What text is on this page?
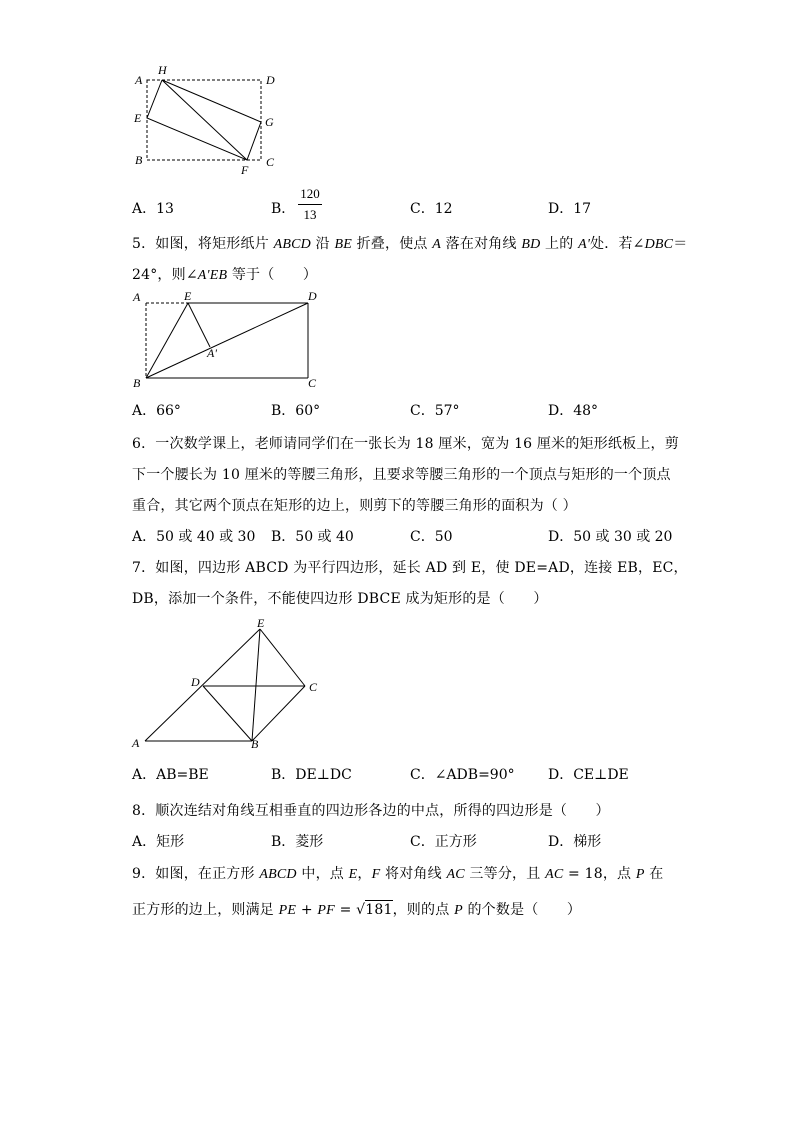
A
H
D
E	G
B	C
F
A．13	B．
120
13	C．12	D．17
5．如图，将矩形纸片 ABCD 沿 BE 折叠，使点 A 落在对角线 BD 上的 A'处．若∠DBC＝
24°，则∠A'EB 等于（　　）
A	E	D
A'
B	C
A．66°	B．60°	C．57°	D．48°
6．一次数学课上，老师请同学们在一张长为 18 厘米，宽为 16 厘米的矩形纸板上，剪
下一个腰长为 10 厘米的等腰三角形，且要求等腰三角形的一个顶点与矩形的一个顶点
重合，其它两个顶点在矩形的边上，则剪下的等腰三角形的面积为（ ）
A．50 或 40 或 30 B．50 或 40	C．50	D．50 或 30 或 20
7．如图，四边形 ABCD 为平行四边形，延长 AD 到 E，使 DE=AD，连接 EB，EC，
DB，添加一个条件，不能使四边形 DBCE 成为矩形的是（　　）
E
D	C
A	B
A．AB=BE	B．DE⊥DC	C．∠ADB=90° D．CE⊥DE
8．顺次连结对角线互相垂直的四边形各边的中点，所得的四边形是（　　）
A．矩形	B．菱形	C．正方形	D．梯形
9．如图，在正方形 ABCD 中，点 E，F 将对角线 AC 三等分，且 AC = 18，点 P 在
正方形的边上，则满足 PE + PF = √181，则的点 P 的个数是（　　）
